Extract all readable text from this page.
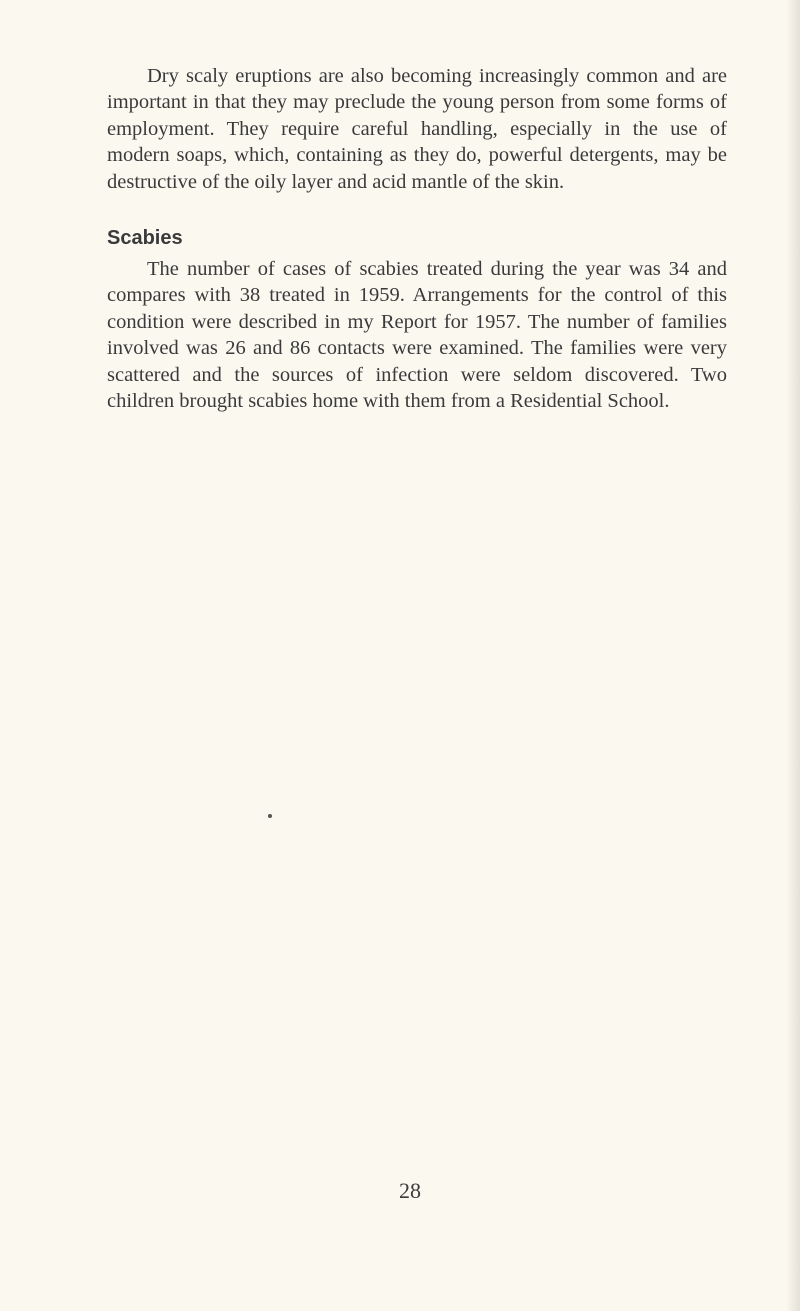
Dry scaly eruptions are also becoming increasingly common and are important in that they may preclude the young person from some forms of employment. They require careful handling, especially in the use of modern soaps, which, containing as they do, powerful detergents, may be destructive of the oily layer and acid mantle of the skin.

Scabies

The number of cases of scabies treated during the year was 34 and compares with 38 treated in 1959. Arrangements for the control of this condition were described in my Report for 1957. The number of families involved was 26 and 86 contacts were examined. The families were very scattered and the sources of infection were seldom discovered. Two children brought scabies home with them from a Residential School.

28
